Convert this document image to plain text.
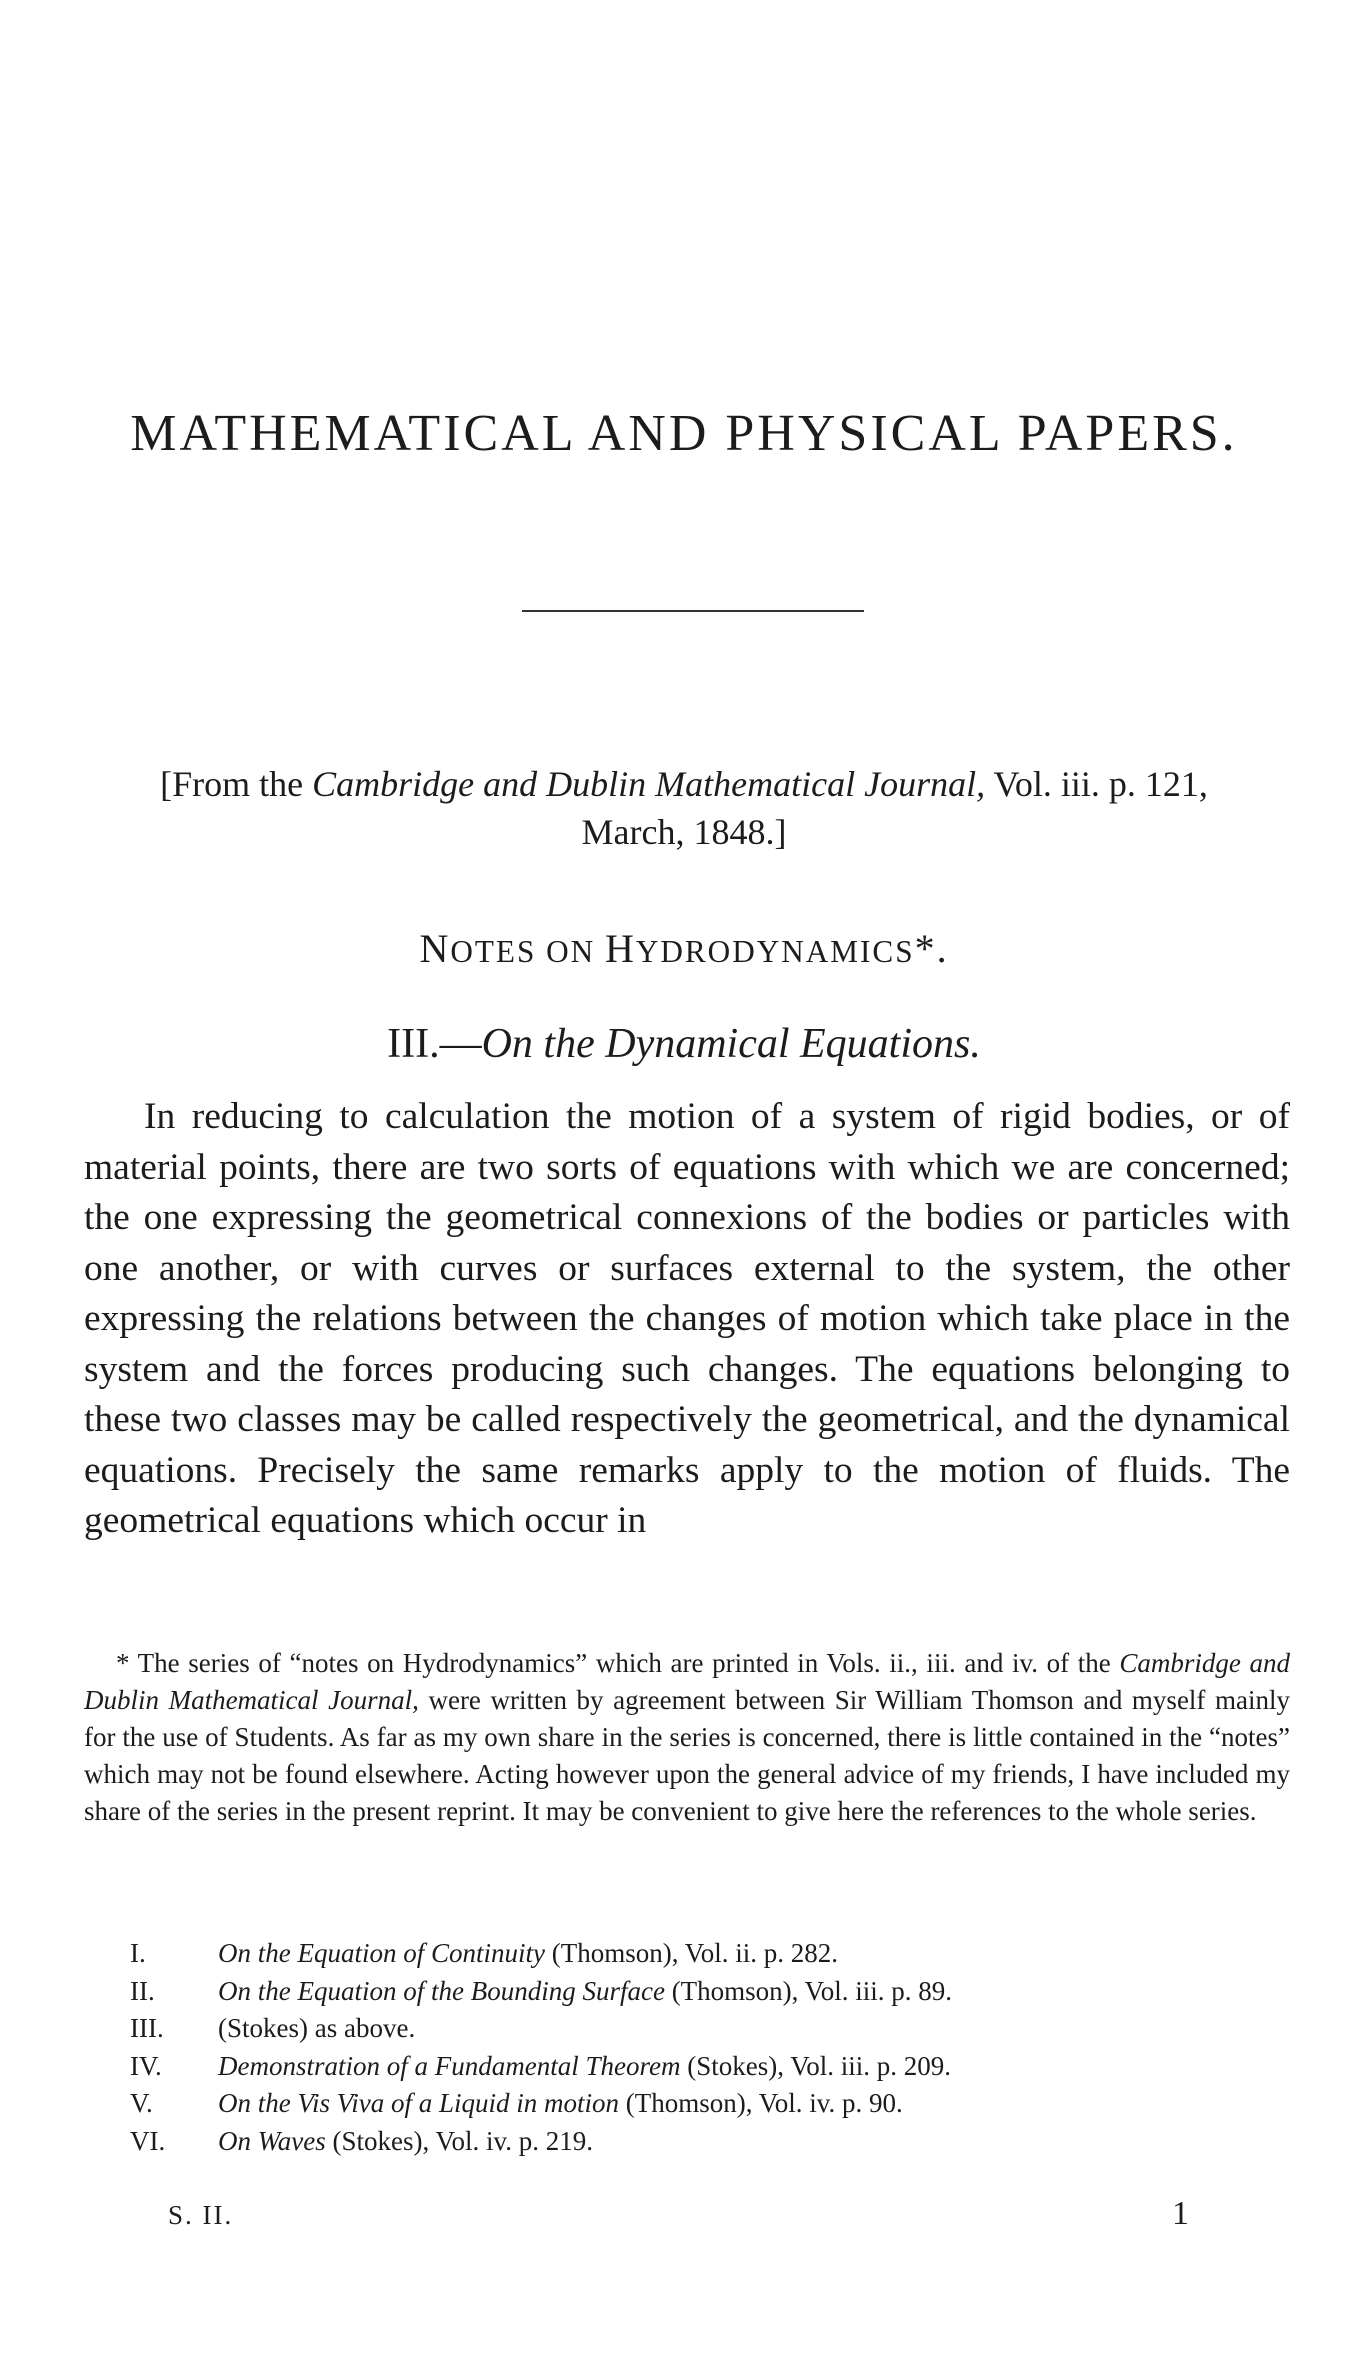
MATHEMATICAL AND PHYSICAL PAPERS.
[From the Cambridge and Dublin Mathematical Journal, Vol. iii. p. 121,
March, 1848.]
NOTES ON HYDRODYNAMICS*.
III.—On the Dynamical Equations.

In reducing to calculation the motion of a system of rigid bodies, or of material points, there are two sorts of equations with which we are concerned; the one expressing the geometrical connexions of the bodies or particles with one another, or with curves or surfaces external to the system, the other expressing the relations between the changes of motion which take place in the system and the forces producing such changes. The equations belonging to these two classes may be called respectively the geometrical, and the dynamical equations. Precisely the same remarks apply to the motion of fluids. The geometrical equations which occur in

* The series of “notes on Hydrodynamics” which are printed in Vols. ii., iii. and iv. of the Cambridge and Dublin Mathematical Journal, were written by agreement between Sir William Thomson and myself mainly for the use of Students. As far as my own share in the series is concerned, there is little contained in the “notes” which may not be found elsewhere. Acting however upon the general advice of my friends, I have included my share of the series in the present reprint. It may be convenient to give here the references to the whole series.

I.	On the Equation of Continuity (Thomson), Vol. ii. p. 282.
II.	On the Equation of the Bounding Surface (Thomson), Vol. iii. p. 89.
III.	(Stokes) as above.
IV.	Demonstration of a Fundamental Theorem (Stokes), Vol. iii. p. 209.
V.	On the Vis Viva of a Liquid in motion (Thomson), Vol. iv. p. 90.
VI.	On Waves (Stokes), Vol. iv. p. 219.
S. II.	1
